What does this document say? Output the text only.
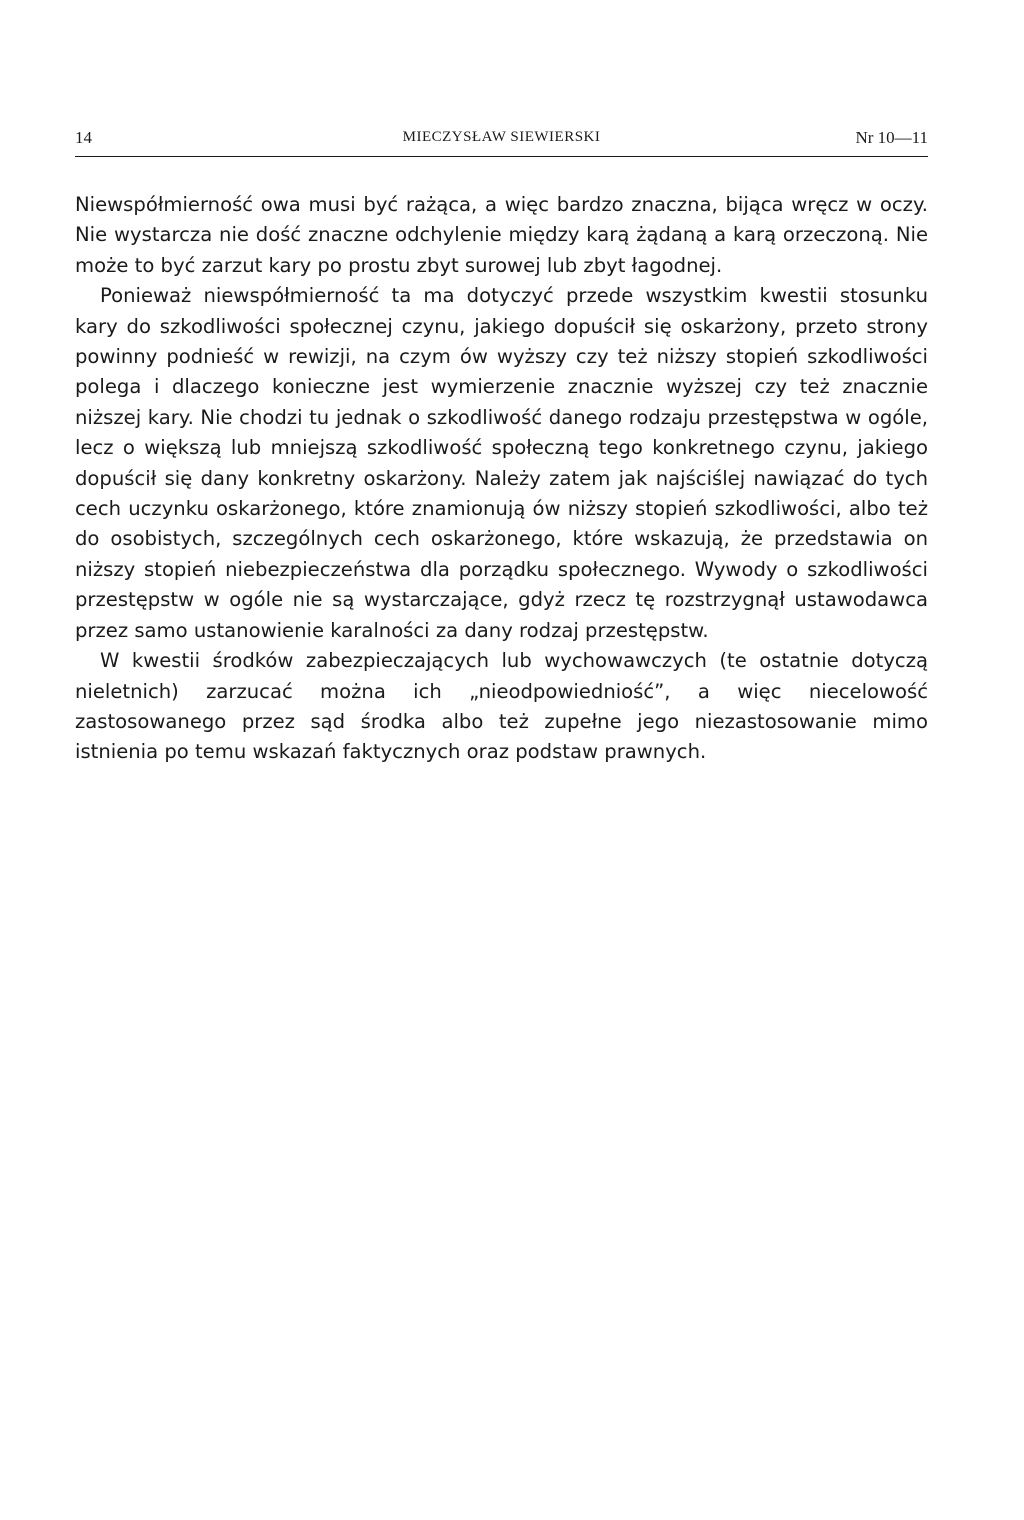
14	MIECZYSŁAW SIEWIERSKI	Nr 10—11

Niewspółmierność owa musi być rażąca, a więc bardzo znaczna, bijąca wręcz w oczy. Nie wystarcza nie dość znaczne odchylenie między karą żądaną a karą orzeczoną. Nie może to być zarzut kary po prostu zbyt surowej lub zbyt łagodnej.

Ponieważ niewspółmierność ta ma dotyczyć przede wszystkim kwestii stosunku kary do szkodliwości społecznej czynu, jakiego dopuścił się oskarżony, przeto strony powinny podnieść w rewizji, na czym ów wyższy czy też niższy stopień szkodliwości polega i dlaczego konieczne jest wymierzenie znacznie wyższej czy też znacznie niższej kary. Nie chodzi tu jednak o szkodliwość danego rodzaju przestępstwa w ogóle, lecz o większą lub mniejszą szkodliwość społeczną tego konkretnego czynu, jakiego dopuścił się dany konkretny oskarżony. Należy zatem jak najściślej nawiązać do tych cech uczynku oskarżonego, które znamionują ów niższy stopień szkodliwości, albo też do osobistych, szczególnych cech oskarżonego, które wskazują, że przedstawia on niższy stopień niebezpieczeństwa dla porządku społecznego. Wywody o szkodliwości przestępstw w ogóle nie są wystarczające, gdyż rzecz tę rozstrzygnął ustawodawca przez samo ustanowienie karalności za dany rodzaj przestępstw.

W kwestii środków zabezpieczających lub wychowawczych (te ostatnie dotyczą nieletnich) zarzucać można ich „nieodpowiedniość”, a więc niecelowość zastosowanego przez sąd środka albo też zupełne jego niezastosowanie mimo istnienia po temu wskazań faktycznych oraz podstaw prawnych.
